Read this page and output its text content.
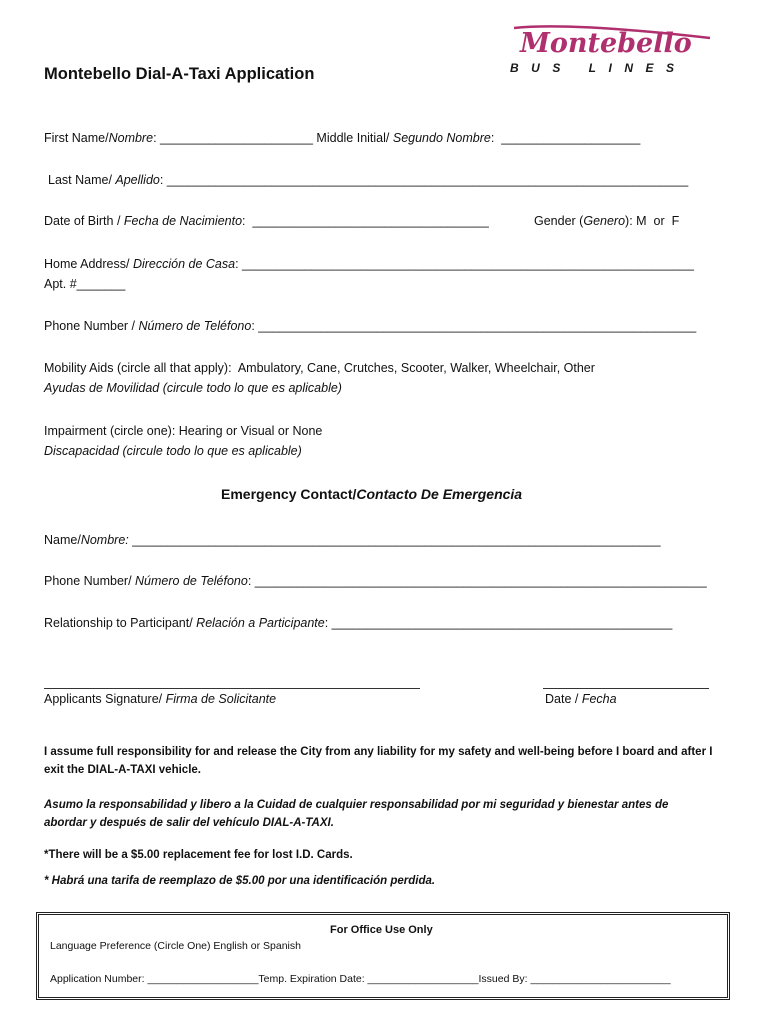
Montebello Dial-A-Taxi Application
Montebello
BUS LINES
First Name/Nombre: ______________________ Middle Initial/ Segundo Nombre:  ____________________
Last Name/ Apellido: ___________________________________________________________________________
Date of Birth / Fecha de Nacimiento:  __________________________________	Gender (Genero): M  or  F
Home Address/ Dirección de Casa: _________________________________________________________________
Apt. #_______
Phone Number / Número de Teléfono: _______________________________________________________________
Mobility Aids (circle all that apply):  Ambulatory, Cane, Crutches, Scooter, Walker, Wheelchair, Other
Ayudas de Movilidad (circule todo lo que es aplicable)
Impairment (circle one): Hearing or Visual or None
Discapacidad (circule todo lo que es aplicable)
Emergency Contact/Contacto De Emergencia
Name/Nombre: ____________________________________________________________________________
Phone Number/ Número de Teléfono: _________________________________________________________________
Relationship to Participant/ Relación a Participante: _________________________________________________
Applicants Signature/ Firma de Solicitante	Date / Fecha
I assume full responsibility for and release the City from any liability for my safety and well-being before I board and after I exit the DIAL-A-TAXI vehicle.
Asumo la responsabilidad y libero a la Cuidad de cualquier responsabilidad por mi seguridad y bienestar antes de abordar y después de salir del vehículo DIAL-A-TAXI.
*There will be a $5.00 replacement fee for lost I.D. Cards.
* Habrá una tarifa de reemplazo de $5.00 por una identificación perdida.
For Office Use Only
Language Preference (Circle One) English or Spanish
Application Number: ___________________Temp. Expiration Date: ___________________Issued By: ________________________
